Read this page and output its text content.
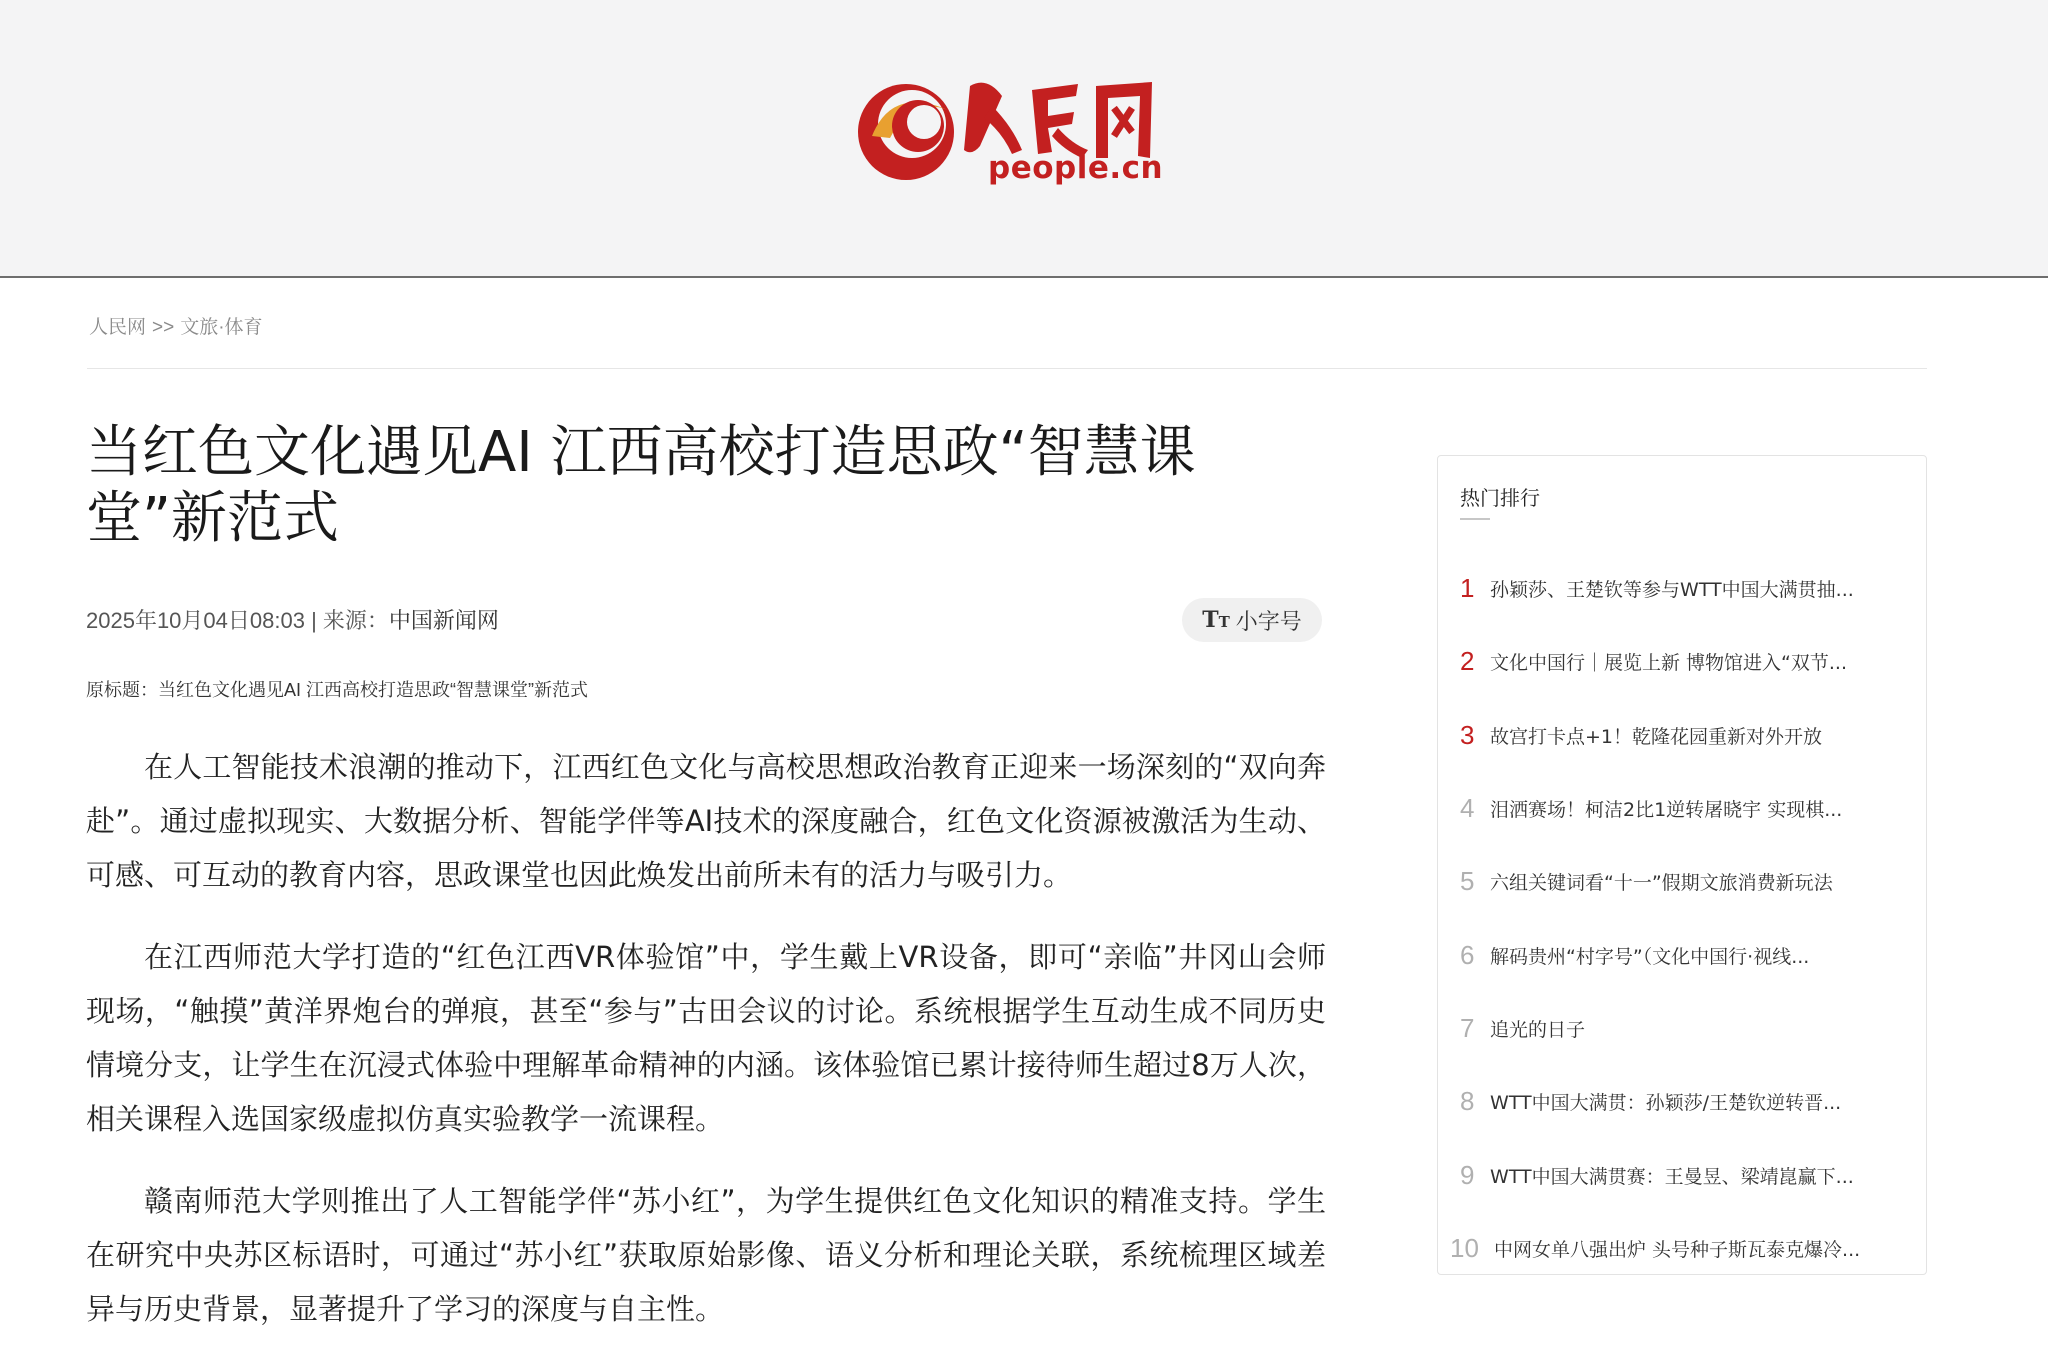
people.cn
人民网 >> 文旅·体育
当红色文化遇见AI 江西高校打造思政“智慧课堂”新范式
2025年10月04日08:03 | 来源：中国新闻网	TT 小字号
原标题：当红色文化遇见AI 江西高校打造思政“智慧课堂”新范式

在人工智能技术浪潮的推动下，江西红色文化与高校思想政治教育正迎来一场深刻的“双向奔赴”。通过虚拟现实、大数据分析、智能学伴等AI技术的深度融合，红色文化资源被激活为生动、可感、可互动的教育内容，思政课堂也因此焕发出前所未有的活力与吸引力。

在江西师范大学打造的“红色江西VR体验馆”中，学生戴上VR设备，即可“亲临”井冈山会师现场，“触摸”黄洋界炮台的弹痕，甚至“参与”古田会议的讨论。系统根据学生互动生成不同历史情境分支，让学生在沉浸式体验中理解革命精神的内涵。该体验馆已累计接待师生超过8万人次，相关课程入选国家级虚拟仿真实验教学一流课程。

赣南师范大学则推出了人工智能学伴“苏小红”，为学生提供红色文化知识的精准支持。学生在研究中央苏区标语时，可通过“苏小红”获取原始影像、语义分析和理论关联，系统梳理区域差异与历史背景，显著提升了学习的深度与自主性。

热门排行
1 孙颖莎、王楚钦等参与WTT中国大满贯抽...
2 文化中国行｜展览上新 博物馆进入“双节...
3 故宫打卡点+1！乾隆花园重新对外开放
4 泪洒赛场！柯洁2比1逆转屠晓宇 实现棋...
5 六组关键词看“十一”假期文旅消费新玩法
6 解码贵州“村字号”（文化中国行·视线...
7 追光的日子
8 WTT中国大满贯：孙颖莎/王楚钦逆转晋...
9 WTT中国大满贯赛：王曼昱、梁靖崑赢下...
10 中网女单八强出炉 头号种子斯瓦泰克爆冷...
